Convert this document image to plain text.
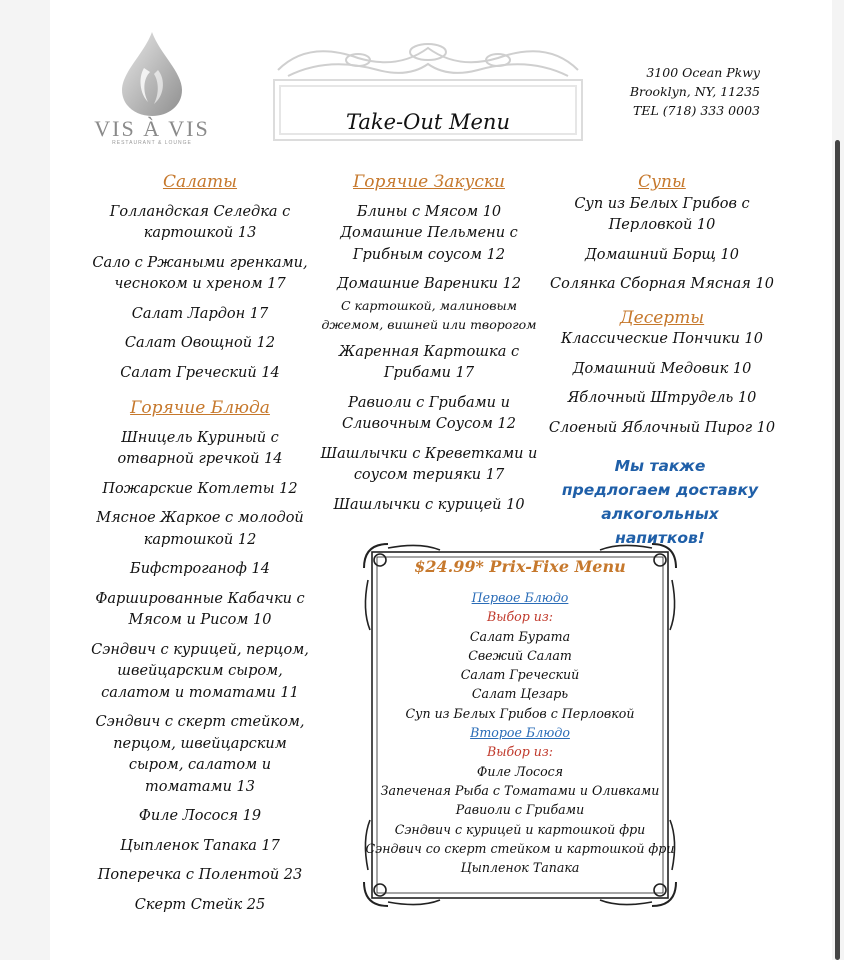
VIS À VIS
RESTAURANT & LOUNGE
Take-Out Menu
3100 Ocean Pkwy
Brooklyn, NY, 11235
TEL (718) 333 0003
Салаты
Голландская Селедка с картошкой 13
Сало с Ржаными гренками, чесноком и хреном 17
Салат Лардон 17
Салат Овощной 12
Салат Греческий 14
Горячие Блюда
Шницель Куриный с отварной гречкой 14
Пожарские Котлеты 12
Мясное Жаркое с молодой картошкой 12
Бифстроганоф 14
Фаршированные Кабачки с Мясом и Рисом 10
Сэндвич с курицей, перцом, швейцарским сыром, салатом и томатами 11
Сэндвич с скерт стейком, перцом, швейцарским сыром, салатом и томатами 13
Филе Лосося 19
Цыпленок Тапака 17
Поперечка с Полентой 23
Скерт Стейк 25
Горячие Закуски
Блины с Мясом 10
Домашние Пельмени с Грибным соусом 12
Домашние Вареники 12
С картошкой, малиновым джемом, вишней или творогом
Жаренная Картошка с Грибами 17
Равиоли с Грибами и Сливочным Соусом 12
Шашлычки с Креветками и соусом терияки 17
Шашлычки с курицей 10
Супы
Суп из Белых Грибов с Перловкой 10
Домашний Борщ 10
Солянка Сборная Мясная 10
Десерты
Классические Пончики 10
Домашний Медовик 10
Яблочный Штрудель 10
Слоеный Яблочный Пирог 10
Мы также предлогаем доставку алкогольных напитков!
$24.99* Prix-Fixe Menu
Первое Блюдо
Выбор из:
Салат Бурата
Свежий Салат
Салат Греческий
Салат Цезарь
Суп из Белых Грибов с Перловкой
Второе Блюдо
Выбор из:
Филе Лосося
Запеченая Рыба с Томатами и Оливками
Равиоли с Грибами
Сэндвич с курицей и картошкой фри
Сэндвич со скерт стейком и картошкой фри
Цыпленок Тапака
